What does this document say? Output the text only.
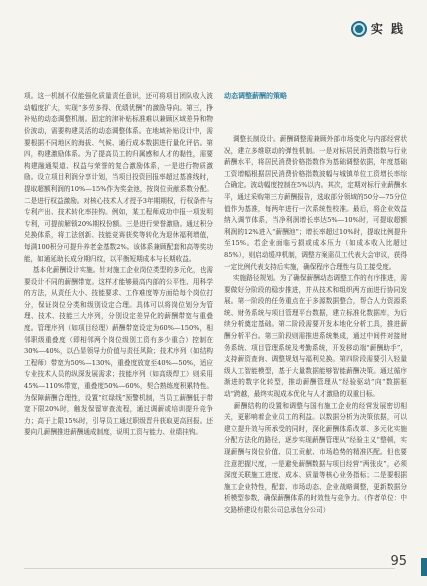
实 践

项。这一机制不仅能强化质量责任意识，还可将项目团队收入波动幅度扩大，实现“多劳多得、优绩优酬”的激励导向。第三，挣补贴的动态调整机制。固定的津补贴标准难以兼顾区域差异和物价波动，需要构建灵活的动态调整体系。在地域补贴设计中，需要根据不同地区的海拔、气候、通行成本数据进行量化评估。第四，构建激励体系。为了提高员工的归属感和人才的黏性，需要构建融通渠道、权益与荣誉的复合激励体系，一是进行物质激励。设立项目利润分享计划，当项目投资回报率超过基准线时，提取超额利润的10%—15%作为奖金池，按岗位贡献系数分配。二是进行权益激励。对核心技术人才授予3年期期权，行权条件与专利产出、技术转化率挂钩。例如，某工程师成功申报一项发明专利，可提前解锁20%期权份额。三是进行荣誉激励。通过积分兑换体系，将工法创新、技能竞赛获奖等转化为退休福利增值，每满100积分可提升养老金基数2%。该体系兼顾配套和高等奖功能，如通延助长成分期归纹，以平衡短期成本与长期收益。
基本化薪酬设计实施。针对施工企业岗位类型的多元化，也需要设计不同的薪酬带宽。这样才能够最高内部的公平性、用科学的方法，从责任大小、技能要求、工作难度等方面给每个岗位打分，保证岗位分类和级别设定合理。具体可以将岗位划分为管理、技术、技能三大序列，分别设定差异化的薪酬带宽与重叠度。管理序列（如项目经理）薪酬带宽设定为60%—150%，相邻职级重叠度（即相邻两个岗位级别工资有多少重合）控制在30%—40%，以凸显领导力价值与责任风险；技术序列（如结构工程师）带宽为50%—130%，重叠度放宽至40%—50%，适应专业技术人员的纵深发展需求；技能序列（如高级焊工）则采用45%—110%带宽，重叠度50%—60%，契合熟练度积累特性。为保障薪酬合理性，设置“红绿线”预警机制，当员工薪酬低于带宽下限20%时，触发保留审查流程，通过调薪或培训提升竞争力；高于上限15%时，引导员工通过职级晋升获取更高回报。还要向几薪酬推进薪酬通成制度，说明工资与能力、业绩挂钩。

动态调整薪酬的策略

调整长制设计。薪酬调整需兼顾外部市场变化与内部经营状况，建立多维联动的弹性机制。一是对标居民消费指数与行业薪酬水平，将居民消费价格指数作为基础调整依据，年度基础工资增幅根据居民消费价格指数波幅与城镇单位工资增长率综合确定。波动幅度控制在5%以内。其次，定期对标行业薪酬水平，通过采购第三方薪酬报告，选取部分领域的50分—75分位值作为基准，每两年进行一次系统性校准。最后，将企业效益纳入调节体系，当净利润增长率达5%—10%时，可提取超额利润的12%进入“薪酬池”；增长率超过10%时，提取比例提升至15%。若企业面临亏损或成本压力（如成本收入比超过85%），则启动缓冲机制，调整方案需员工代表大会审议，获得一定比例代表支持后实施，确保程序合理性与员工接受度。
实施路径规划。为了确保薪酬动态调整工作的有序推进，需要做好分阶段的稳步推进，并从技术和组织两方面进行协同发展。第一阶段的任务重点在于多源数据整合，帮合人力资源系统、财务系统与项目管理平台数据，建立标准化数据库，为后续分析奠定基础。第二阶段需要开发本地化分析工具，推进薪酬分析平台。第三阶段则需推进系统集成，通过中间件对接财务系统、项目管理系统及考勤系统，开发移动端“薪酬助手”，支持薪资查询、调整规划与福利兑换。第四阶段需要引入轻量级人工智能模型，基于大量数据能够智能薪酬决策。通过循序渐进的数字化转型，推动薪酬管理从“经验驱动”向“数据驱动”跨越，最终实现成本优化与人才激励的双重目标。
薪酬结构的设置和调整与国有施工企业的经营发展密切相关，更影响着企业员工的利益。以数据分析为决策依据，可以建立提升效与所承受的同时，深化薪酬体系改革、多元化实施分配方法化的路径，逐步实现薪酬管理从“经验主义”整顿，实现薪酬与岗位价值、员工贡献、市场趋势的精准匹配。但也要注意把握尺度，一是避免薪酬数据与项目经营“两张皮”，必须深度关联施工进度、成本、质量等核心业务指标；二是要根据施工企业特性，配套、市场动态、企业战略调整，更新数据分析模型参数，确保薪酬体系的时效性与竞争力。（作者单位：中交路桥建设有限公司总承包分公司）

95
